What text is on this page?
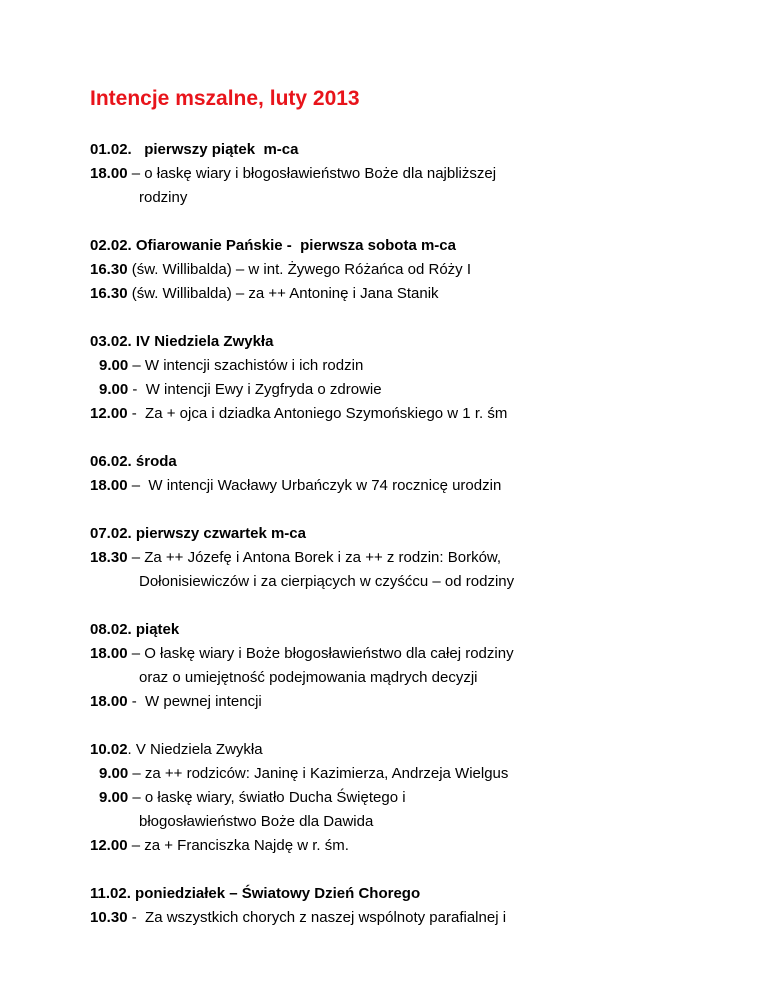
Intencje mszalne, luty 2013
01.02.   pierwszy piątek  m-ca
18.00 – o łaskę wiary i błogosławieństwo Boże dla najbliższej
rodziny
02.02. Ofiarowanie Pańskie -  pierwsza sobota m-ca
16.30 (św. Willibalda) – w int. Żywego Różańca od Róży I
16.30 (św. Willibalda) – za ++ Antoninę i Jana Stanik
03.02. IV Niedziela Zwykła
9.00 – W intencji szachistów i ich rodzin
9.00 -  W intencji Ewy i Zygfryda o zdrowie
12.00 -  Za + ojca i dziadka Antoniego Szymońskiego w 1 r. śm
06.02. środa
18.00 –  W intencji Wacławy Urbańczyk w 74 rocznicę urodzin
07.02. pierwszy czwartek m-ca
18.30 – Za ++ Józefę i Antona Borek i za ++ z rodzin: Borków,
Dołonisiewiczów i za cierpiących w czyśćcu – od rodziny
08.02. piątek
18.00 – O łaskę wiary i Boże błogosławieństwo dla całej rodziny
oraz o umiejętność podejmowania mądrych decyzji
18.00 -  W pewnej intencji
10.02. V Niedziela Zwykła
9.00 – za ++ rodziców: Janinę i Kazimierza, Andrzeja Wielgus
9.00 – o łaskę wiary, światło Ducha Świętego i
błogosławieństwo Boże dla Dawida
12.00 – za + Franciszka Najdę w r. śm.
11.02. poniedziałek – Światowy Dzień Chorego
10.30 -  Za wszystkich chorych z naszej wspólnoty parafialnej i
